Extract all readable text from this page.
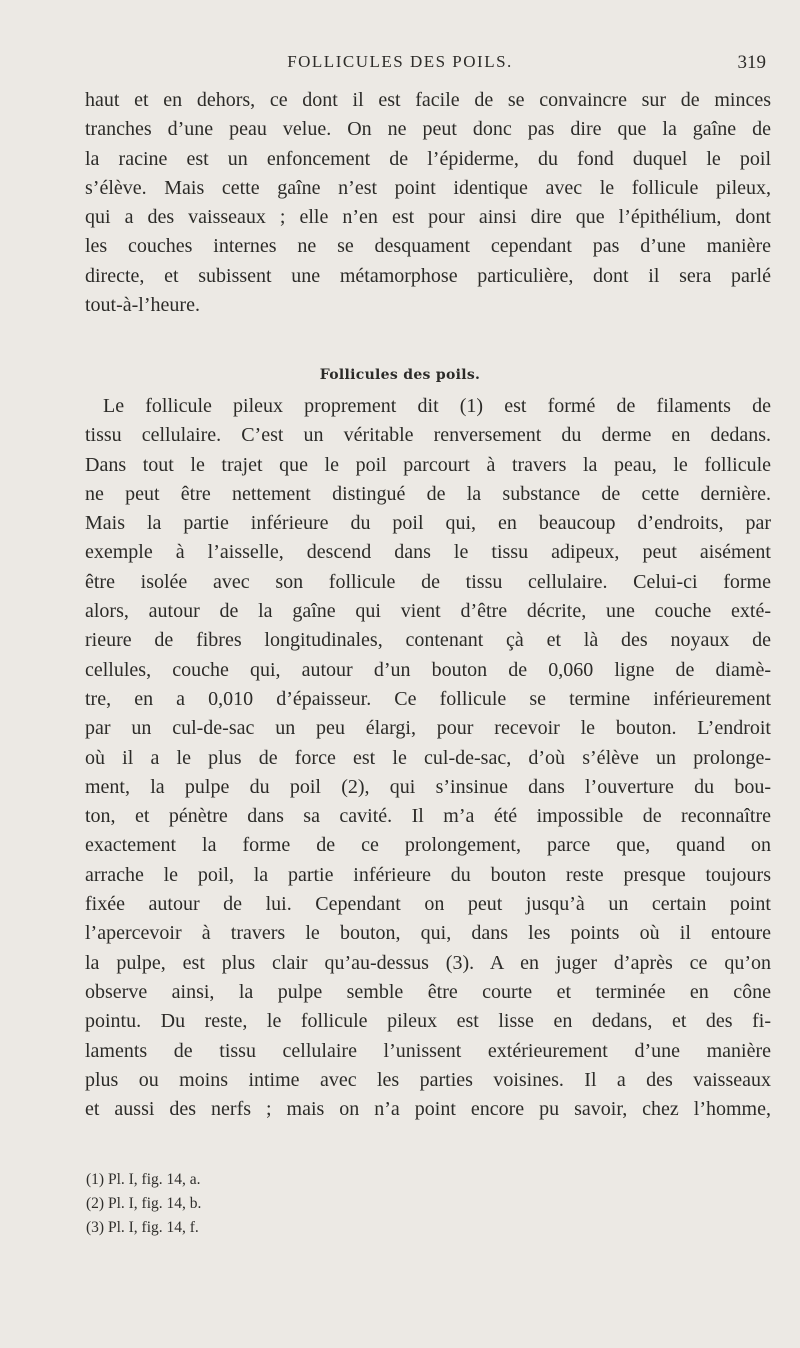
FOLLICULES DES POILS.	319
haut et en dehors, ce dont il est facile de se convaincre sur de minces
tranches d’une peau velue. On ne peut donc pas dire que la gaîne de
la racine est un enfoncement de l’épiderme, du fond duquel le poil
s’élève. Mais cette gaîne n’est point identique avec le follicule pileux,
qui a des vaisseaux ; elle n’en est pour ainsi dire que l’épithélium, dont
les couches internes ne se desquament cependant pas d’une manière
directe, et subissent une métamorphose particulière, dont il sera parlé
tout-à-l’heure.
Follicules des poils.
Le follicule pileux proprement dit (1) est formé de filaments de
tissu cellulaire. C’est un véritable renversement du derme en dedans.
Dans tout le trajet que le poil parcourt à travers la peau, le follicule
ne peut être nettement distingué de la substance de cette dernière.
Mais la partie inférieure du poil qui, en beaucoup d’endroits, par
exemple à l’aisselle, descend dans le tissu adipeux, peut aisément
être isolée avec son follicule de tissu cellulaire. Celui-ci forme
alors, autour de la gaîne qui vient d’être décrite, une couche exté-
rieure de fibres longitudinales, contenant çà et là des noyaux de
cellules, couche qui, autour d’un bouton de 0,060 ligne de diamè-
tre, en a 0,010 d’épaisseur. Ce follicule se termine inférieurement
par un cul-de-sac un peu élargi, pour recevoir le bouton. L’endroit
où il a le plus de force est le cul-de-sac, d’où s’élève un prolonge-
ment, la pulpe du poil (2), qui s’insinue dans l’ouverture du bou-
ton, et pénètre dans sa cavité. Il m’a été impossible de reconnaître
exactement la forme de ce prolongement, parce que, quand on
arrache le poil, la partie inférieure du bouton reste presque toujours
fixée autour de lui. Cependant on peut jusqu’à un certain point
l’apercevoir à travers le bouton, qui, dans les points où il entoure
la pulpe, est plus clair qu’au-dessus (3). A en juger d’après ce qu’on
observe ainsi, la pulpe semble être courte et terminée en cône
pointu. Du reste, le follicule pileux est lisse en dedans, et des fi-
laments de tissu cellulaire l’unissent extérieurement d’une manière
plus ou moins intime avec les parties voisines. Il a des vaisseaux
et aussi des nerfs ; mais on n’a point encore pu savoir, chez l’homme,
(1) Pl. I, fig. 14, a.
(2) Pl. I, fig. 14, b.
(3) Pl. I, fig. 14, f.
